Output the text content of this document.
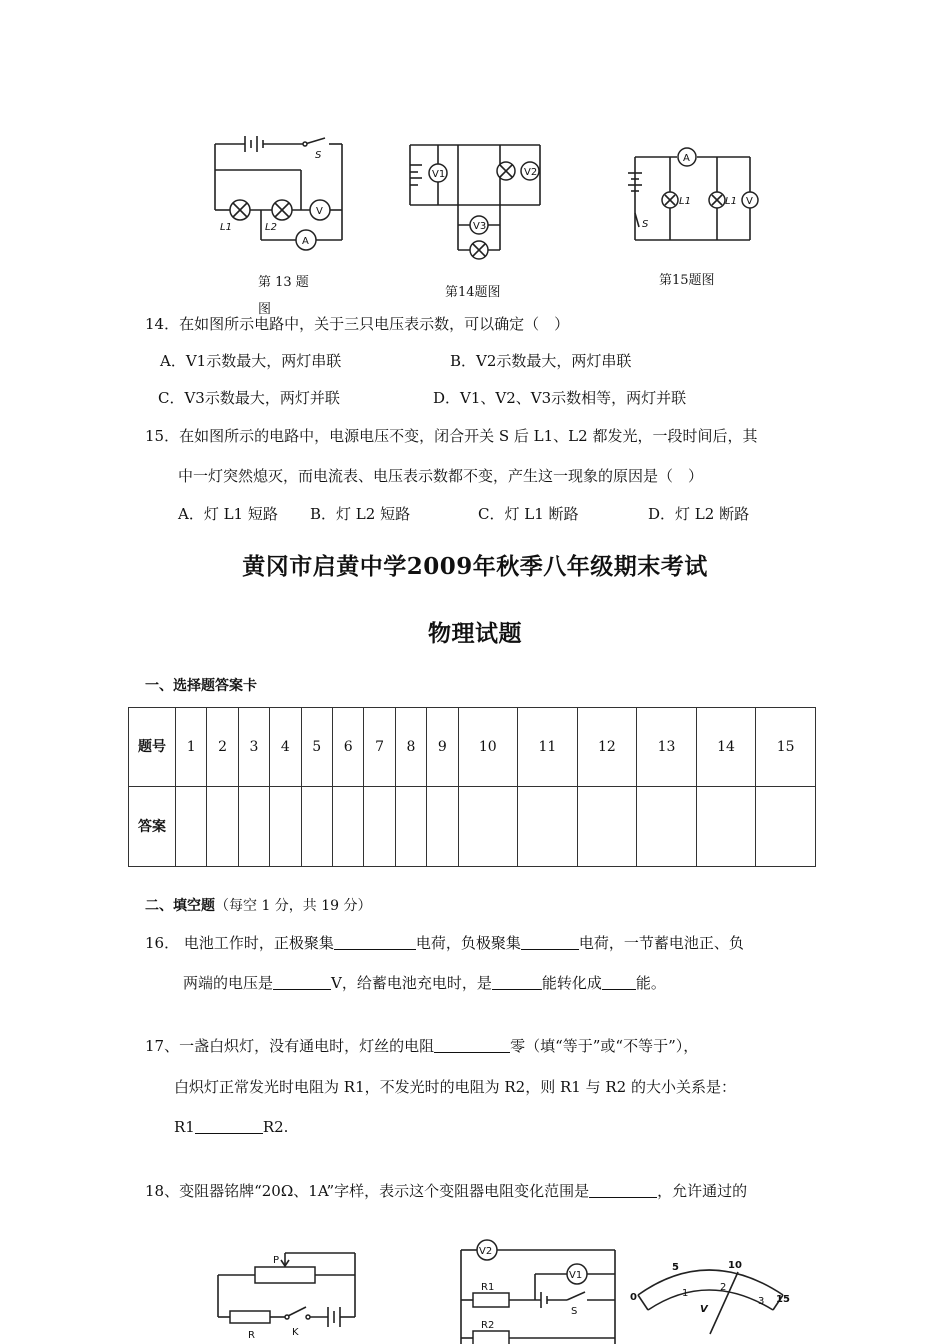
V
A
S
L1	L2
第 13 题
图
V1	V2
V3
第14题图
A
S
L1	L1 V
第15题图
14．在如图所示电路中，关于三只电压表示数，可以确定（　）
A．V1示数最大，两灯串联	B．V2示数最大，两灯串联
C．V3示数最大，两灯并联	D．V1、V2、V3示数相等，两灯并联
15．在如图所示的电路中，电源电压不变，闭合开关 S 后 L1、L2 都发光，一段时间后，其
中一灯突然熄灭，而电流表、电压表示数都不变，产生这一现象的原因是（　）
A．灯 L1 短路 B．灯 L2 短路	C．灯 L1 断路	D．灯 L2 断路
黄冈市启黄中学2009年秋季八年级期末考试
物理试题
一、选择题答案卡
题号	1	2	3	4	5	6	7	8	9	10	11	12	13	14	15
答案															
二、填空题（每空 1 分，共 19 分）
16． 电池工作时，正极聚集	电荷，负极聚集	电荷，一节蓄电池正、负
两端的电压是	V，给蓄电池充电时，是	能转化成 能。
17、一盏白炽灯，没有通电时，灯丝的电阻	零（填“等于”或“不等于”），
白炽灯正常发光时电阻为 R1，不发光时的电阻为 R2，则 R1 与 R2 的大小关系是：
R1	R2.
18、变阻器铭牌“20Ω、1A”字样，表示这个变阻器电阻变化范围是	，允许通过的
P
R	K
V2
V1
R1
S
R2
0
5	10
15
1
2
3
V
